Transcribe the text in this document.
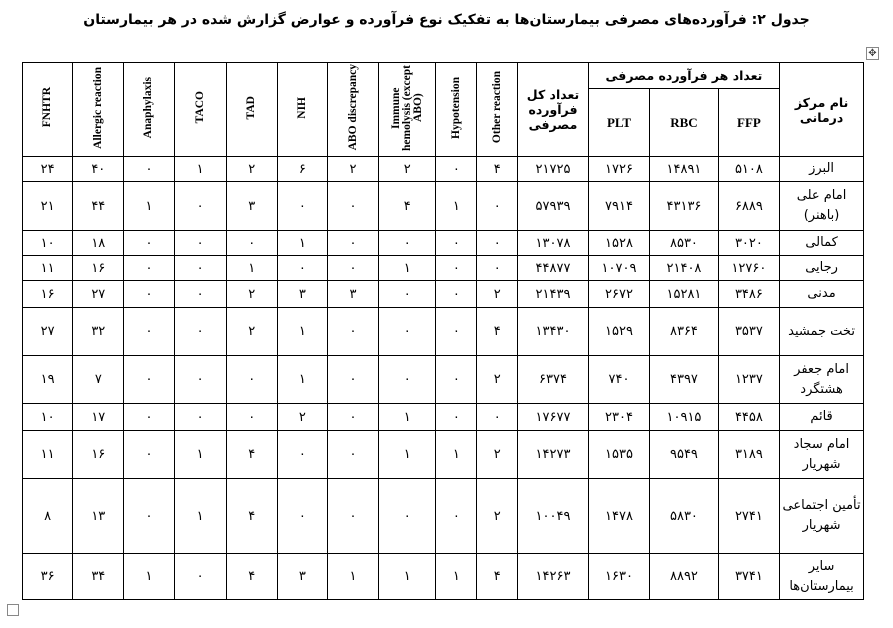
جدول ۲: فرآورده‌های مصرفی بیمارستان‌ها به تفکیک نوع فرآورده و عوارض گزارش شده در هر بیمارستان
✥
نام مرکز درمانی	تعداد هر فرآورده مصرفی			تعداد کل فرآورده مصرفی	Other reaction	Hypotension	Immune hemolysis (except ABO)	ABO discrepancy	NIH	TAD	TACO	Anaphylaxis	Allergic reaction	FNHTR
	FFP	RBC	PLT											
البرز	۵۱۰۸	۱۴۸۹۱	۱۷۲۶	۲۱۷۲۵	۴	۰	۲	۲	۶	۲	۱	۰	۴۰	۲۴
امام علی (باهنر)	۶۸۸۹	۴۳۱۳۶	۷۹۱۴	۵۷۹۳۹	۰	۱	۴	۰	۰	۳	۰	۱	۴۴	۲۱
کمالی	۳۰۲۰	۸۵۳۰	۱۵۲۸	۱۳۰۷۸	۰	۰	۰	۰	۱	۰	۰	۰	۱۸	۱۰
رجایی	۱۲۷۶۰	۲۱۴۰۸	۱۰۷۰۹	۴۴۸۷۷	۰	۰	۱	۰	۰	۱	۰	۰	۱۶	۱۱
مدنی	۳۴۸۶	۱۵۲۸۱	۲۶۷۲	۲۱۴۳۹	۲	۰	۰	۳	۳	۲	۰	۰	۲۷	۱۶
تخت جمشید	۳۵۳۷	۸۳۶۴	۱۵۲۹	۱۳۴۳۰	۴	۰	۰	۰	۱	۲	۰	۰	۳۲	۲۷
امام جعفر هشتگرد	۱۲۳۷	۴۳۹۷	۷۴۰	۶۳۷۴	۲	۰	۰	۰	۱	۰	۰	۰	۷	۱۹
قائم	۴۴۵۸	۱۰۹۱۵	۲۳۰۴	۱۷۶۷۷	۰	۰	۱	۰	۲	۰	۰	۰	۱۷	۱۰
امام سجاد شهریار	۳۱۸۹	۹۵۴۹	۱۵۳۵	۱۴۲۷۳	۲	۱	۱	۰	۰	۴	۱	۰	۱۶	۱۱
تأمین اجتماعی شهریار	۲۷۴۱	۵۸۳۰	۱۴۷۸	۱۰۰۴۹	۲	۰	۰	۰	۰	۴	۱	۰	۱۳	۸
سایر بیمارستان‌ها	۳۷۴۱	۸۸۹۲	۱۶۳۰	۱۴۲۶۳	۴	۱	۱	۱	۳	۴	۰	۱	۳۴	۳۶
